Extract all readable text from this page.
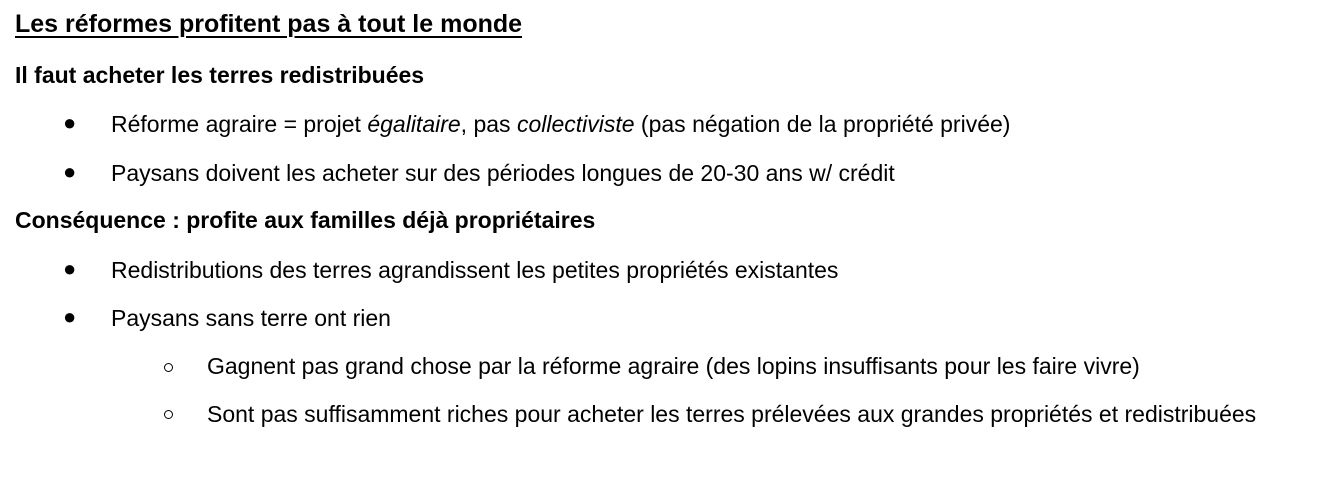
Les réformes profitent pas à tout le monde
Il faut acheter les terres redistribuées
● Réforme agraire = projet égalitaire, pas collectiviste (pas négation de la propriété privée)
● Paysans doivent les acheter sur des périodes longues de 20-30 ans w/ crédit
Conséquence : profite aux familles déjà propriétaires
● Redistributions des terres agrandissent les petites propriétés existantes
● Paysans sans terre ont rien
Gagnent pas grand chose par la réforme agraire (des lopins insuffisants pour les faire vivre)
Sont pas suffisamment riches pour acheter les terres prélevées aux grandes propriétés et redistribuées
